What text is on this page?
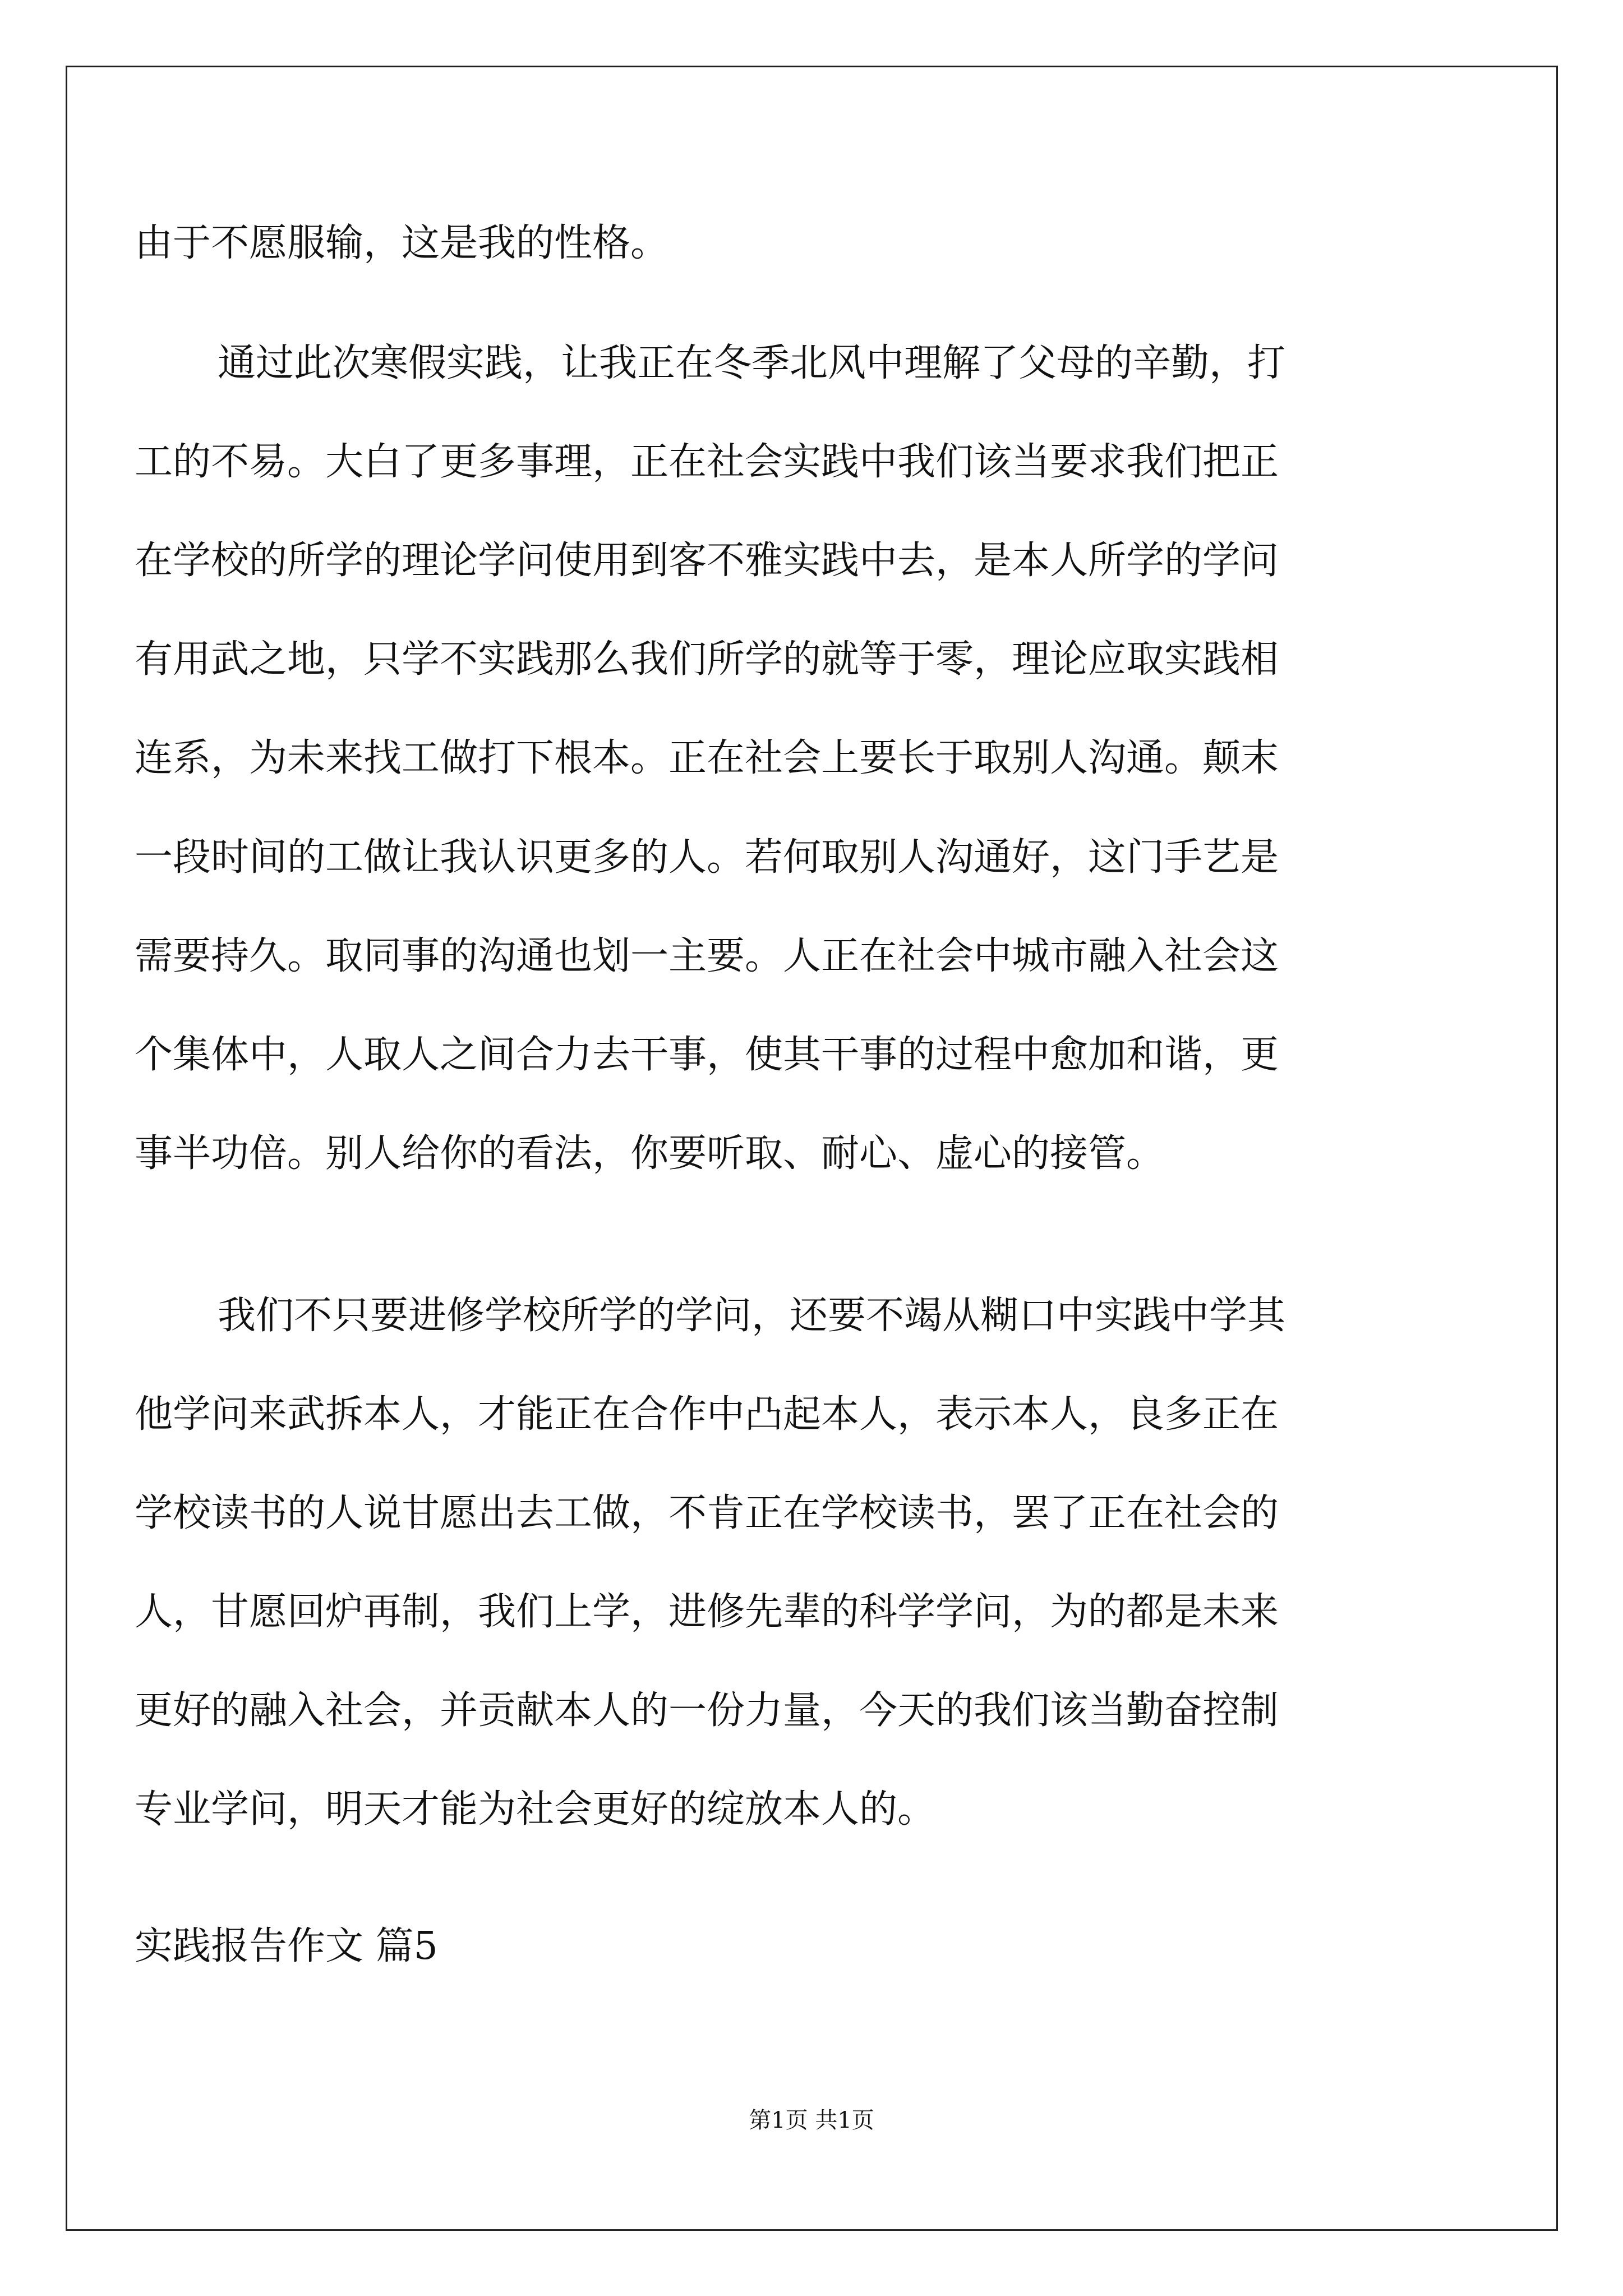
由于不愿服输，这是我的性格。
通过此次寒假实践，让我正在冬季北风中理解了父母的辛勤，打
工的不易。大白了更多事理，正在社会实践中我们该当要求我们把正
在学校的所学的理论学问使用到客不雅实践中去，是本人所学的学问
有用武之地，只学不实践那么我们所学的就等于零，理论应取实践相
连系，为未来找工做打下根本。正在社会上要长于取别人沟通。颠末
一段时间的工做让我认识更多的人。若何取别人沟通好，这门手艺是
需要持久。取同事的沟通也划一主要。人正在社会中城市融入社会这
个集体中，人取人之间合力去干事，使其干事的过程中愈加和谐，更
事半功倍。别人给你的看法，你要听取、耐心、虚心的接管。
我们不只要进修学校所学的学问，还要不竭从糊口中实践中学其
他学问来武拆本人，才能正在合作中凸起本人，表示本人，良多正在
学校读书的人说甘愿出去工做，不肯正在学校读书，罢了正在社会的
人，甘愿回炉再制，我们上学，进修先辈的科学学问，为的都是未来
更好的融入社会，并贡献本人的一份力量，今天的我们该当勤奋控制
专业学问，明天才能为社会更好的绽放本人的。
实践报告作文 篇5
第1页 共1页
